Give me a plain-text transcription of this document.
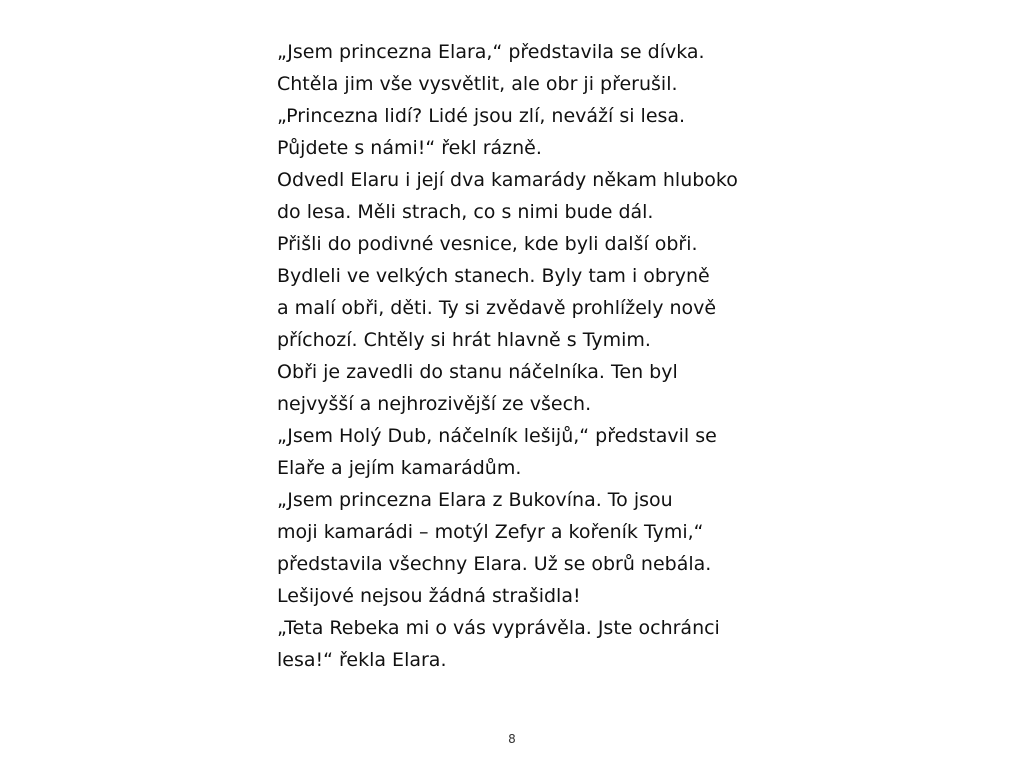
„Jsem princezna Elara,“ představila se dívka.
Chtěla jim vše vysvětlit, ale obr ji přerušil.
„Princezna lidí? Lidé jsou zlí, neváží si lesa.
Půjdete s námi!“ řekl rázně.
Odvedl Elaru i její dva kamarády někam hluboko
do lesa. Měli strach, co s nimi bude dál.
Přišli do podivné vesnice, kde byli další obři.
Bydleli ve velkých stanech. Byly tam i obryně
a malí obři, děti. Ty si zvědavě prohlížely nově
příchozí. Chtěly si hrát hlavně s Tymim.
Obři je zavedli do stanu náčelníka. Ten byl
nejvyšší a nejhrozivější ze všech.
„Jsem Holý Dub, náčelník lešijů,“ představil se
Elaře a jejím kamarádům.
„Jsem princezna Elara z Bukovína. To jsou
moji kamarádi – motýl Zefyr a kořeník Tymi,“
představila všechny Elara. Už se obrů nebála.
Lešijové nejsou žádná strašidla!
„Teta Rebeka mi o vás vyprávěla. Jste ochránci
lesa!“ řekla Elara.
8
